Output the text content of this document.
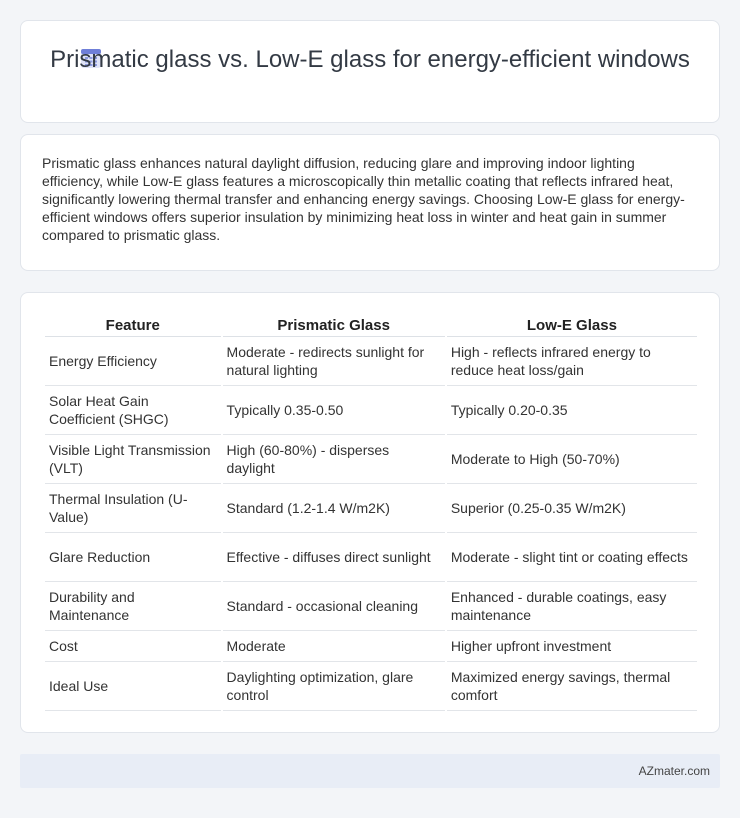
Prismatic glass vs. Low-E glass for energy-efficient windows

Prismatic glass enhances natural daylight diffusion, reducing glare and improving indoor lighting efficiency, while Low-E glass features a microscopically thin metallic coating that reflects infrared heat, significantly lowering thermal transfer and enhancing energy savings. Choosing Low-E glass for energy-efficient windows offers superior insulation by minimizing heat loss in winter and heat gain in summer compared to prismatic glass.

Feature	Prismatic Glass	Low-E Glass
Energy Efficiency	Moderate - redirects sunlight for natural lighting	High - reflects infrared energy to reduce heat loss/gain
Solar Heat Gain Coefficient (SHGC)	Typically 0.35-0.50	Typically 0.20-0.35
Visible Light Transmission (VLT)	High (60-80%) - disperses daylight	Moderate to High (50-70%)
Thermal Insulation (U-Value)	Standard (1.2-1.4 W/m2K)	Superior (0.25-0.35 W/m2K)
Glare Reduction	Effective - diffuses direct sunlight	Moderate - slight tint or coating effects
Durability and Maintenance	Standard - occasional cleaning	Enhanced - durable coatings, easy maintenance
Cost	Moderate	Higher upfront investment
Ideal Use	Daylighting optimization, glare control	Maximized energy savings, thermal comfort
AZmater.com
